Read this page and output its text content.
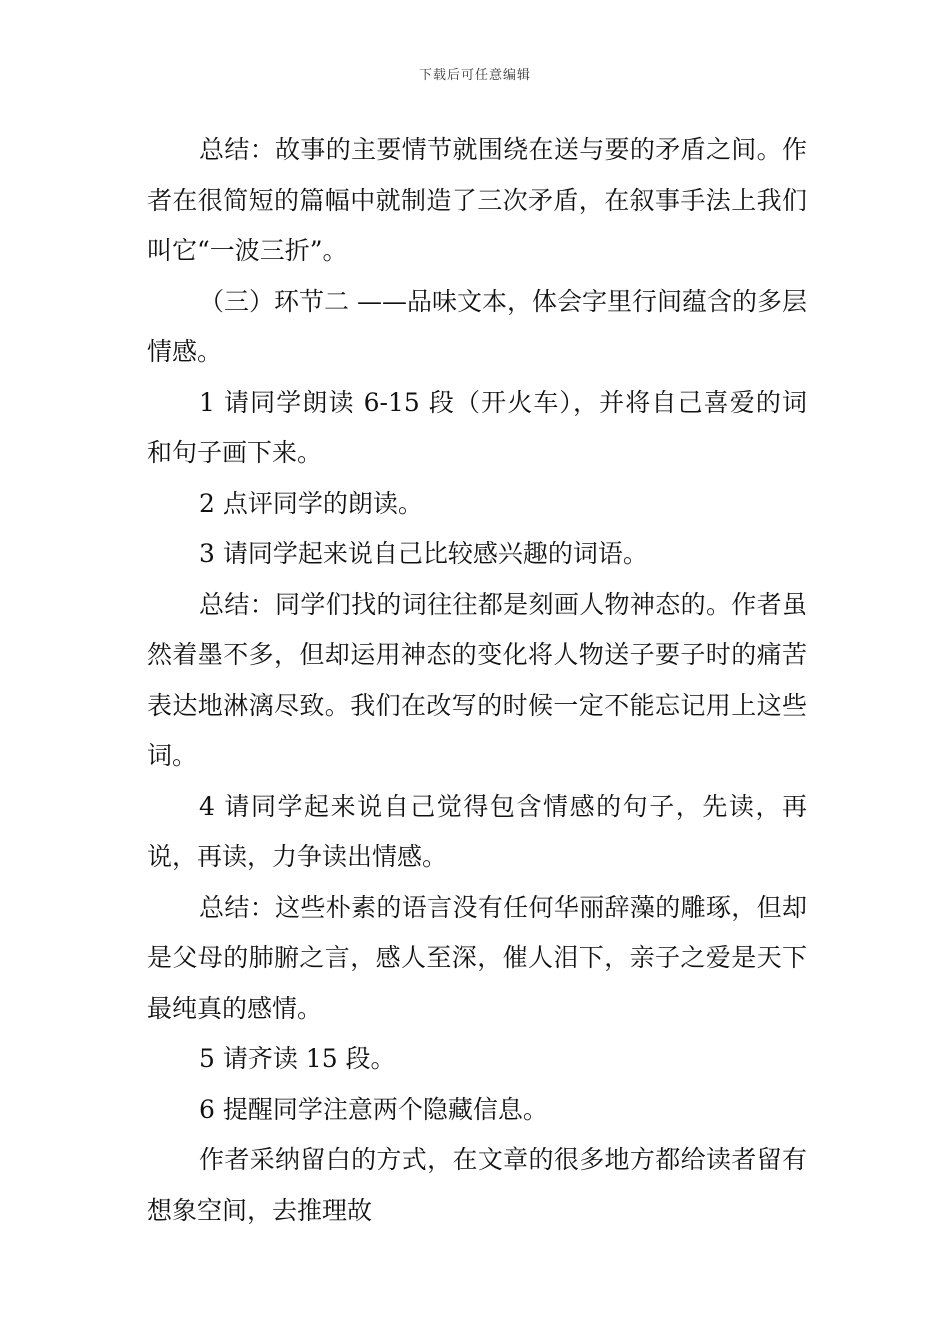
下载后可任意编辑

总结：故事的主要情节就围绕在送与要的矛盾之间。作者在很简短的篇幅中就制造了三次矛盾，在叙事手法上我们叫它“一波三折”。

（三）环节二 ——品味文本，体会字里行间蕴含的多层情感。

1 请同学朗读 6-15 段（开火车），并将自己喜爱的词和句子画下来。

2 点评同学的朗读。

3 请同学起来说自己比较感兴趣的词语。

总结：同学们找的词往往都是刻画人物神态的。作者虽然着墨不多，但却运用神态的变化将人物送子要子时的痛苦表达地淋漓尽致。我们在改写的时候一定不能忘记用上这些词。

4 请同学起来说自己觉得包含情感的句子，先读，再说，再读，力争读出情感。

总结：这些朴素的语言没有任何华丽辞藻的雕琢，但却是父母的肺腑之言，感人至深，催人泪下，亲子之爱是天下最纯真的感情。

5 请齐读 15 段。

6 提醒同学注意两个隐藏信息。

作者采纳留白的方式，在文章的很多地方都给读者留有想象空间，去推理故
